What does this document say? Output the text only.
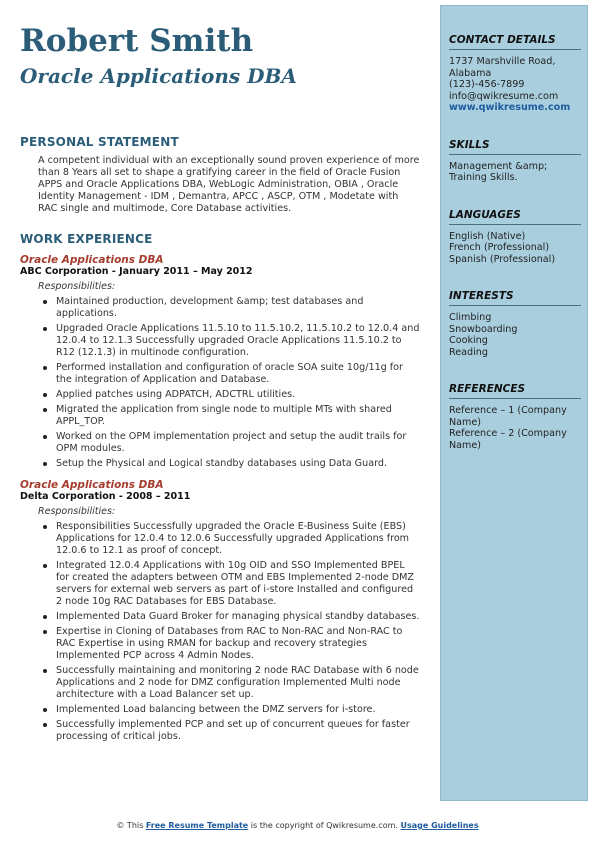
Robert Smith
Oracle Applications DBA
PERSONAL STATEMENT

A competent individual with an exceptionally sound proven experience of more than 8 Years all set to shape a gratifying career in the field of Oracle Fusion APPS and Oracle Applications DBA, WebLogic Administration, OBIA , Oracle Identity Management - IDM , Demantra, APCC , ASCP, OTM , Modetate with RAC single and multimode, Core Database activities.

WORK EXPERIENCE

Oracle Applications DBA

ABC Corporation - January 2011 – May 2012

Responsibilities:

Maintained production, development &amp; test databases and applications.
Upgraded Oracle Applications 11.5.10 to 11.5.10.2, 11.5.10.2 to 12.0.4 and 12.0.4 to 12.1.3 Successfully upgraded Oracle Applications 11.5.10.2 to R12 (12.1.3) in multinode configuration.
Performed installation and configuration of oracle SOA suite 10g/11g for the integration of Application and Database.
Applied patches using ADPATCH, ADCTRL utilities.
Migrated the application from single node to multiple MTs with shared APPL_TOP.
Worked on the OPM implementation project and setup the audit trails for OPM modules.
Setup the Physical and Logical standby databases using Data Guard.

Oracle Applications DBA

Delta Corporation - 2008 – 2011

Responsibilities:

Responsibilities Successfully upgraded the Oracle E-Business Suite (EBS) Applications for 12.0.4 to 12.0.6 Successfully upgraded Applications from 12.0.6 to 12.1 as proof of concept.
Integrated 12.0.4 Applications with 10g OID and SSO Implemented BPEL for created the adapters between OTM and EBS Implemented 2-node DMZ servers for external web servers as part of i-store Installed and configured 2 node 10g RAC Databases for EBS Database.
Implemented Data Guard Broker for managing physical standby databases.
Expertise in Cloning of Databases from RAC to Non-RAC and Non-RAC to RAC Expertise in using RMAN for backup and recovery strategies Implemented PCP across 4 Admin Nodes.
Successfully maintaining and monitoring 2 node RAC Database with 6 node Applications and 2 node for DMZ configuration Implemented Multi node architecture with a Load Balancer set up.
Implemented Load balancing between the DMZ servers for i-store.
Successfully implemented PCP and set up of concurrent queues for faster processing of critical jobs.
CONTACT DETAILS
1737 Marshville Road,
Alabama
(123)-456-7899
info@qwikresume.com
www.qwikresume.com
SKILLS
Management &amp;
Training Skills.
LANGUAGES
English (Native)
French (Professional)
Spanish (Professional)
INTERESTS
Climbing
Snowboarding
Cooking
Reading
REFERENCES
Reference – 1 (Company Name)
Reference – 2 (Company Name)
© This Free Resume Template is the copyright of Qwikresume.com. Usage Guidelines
